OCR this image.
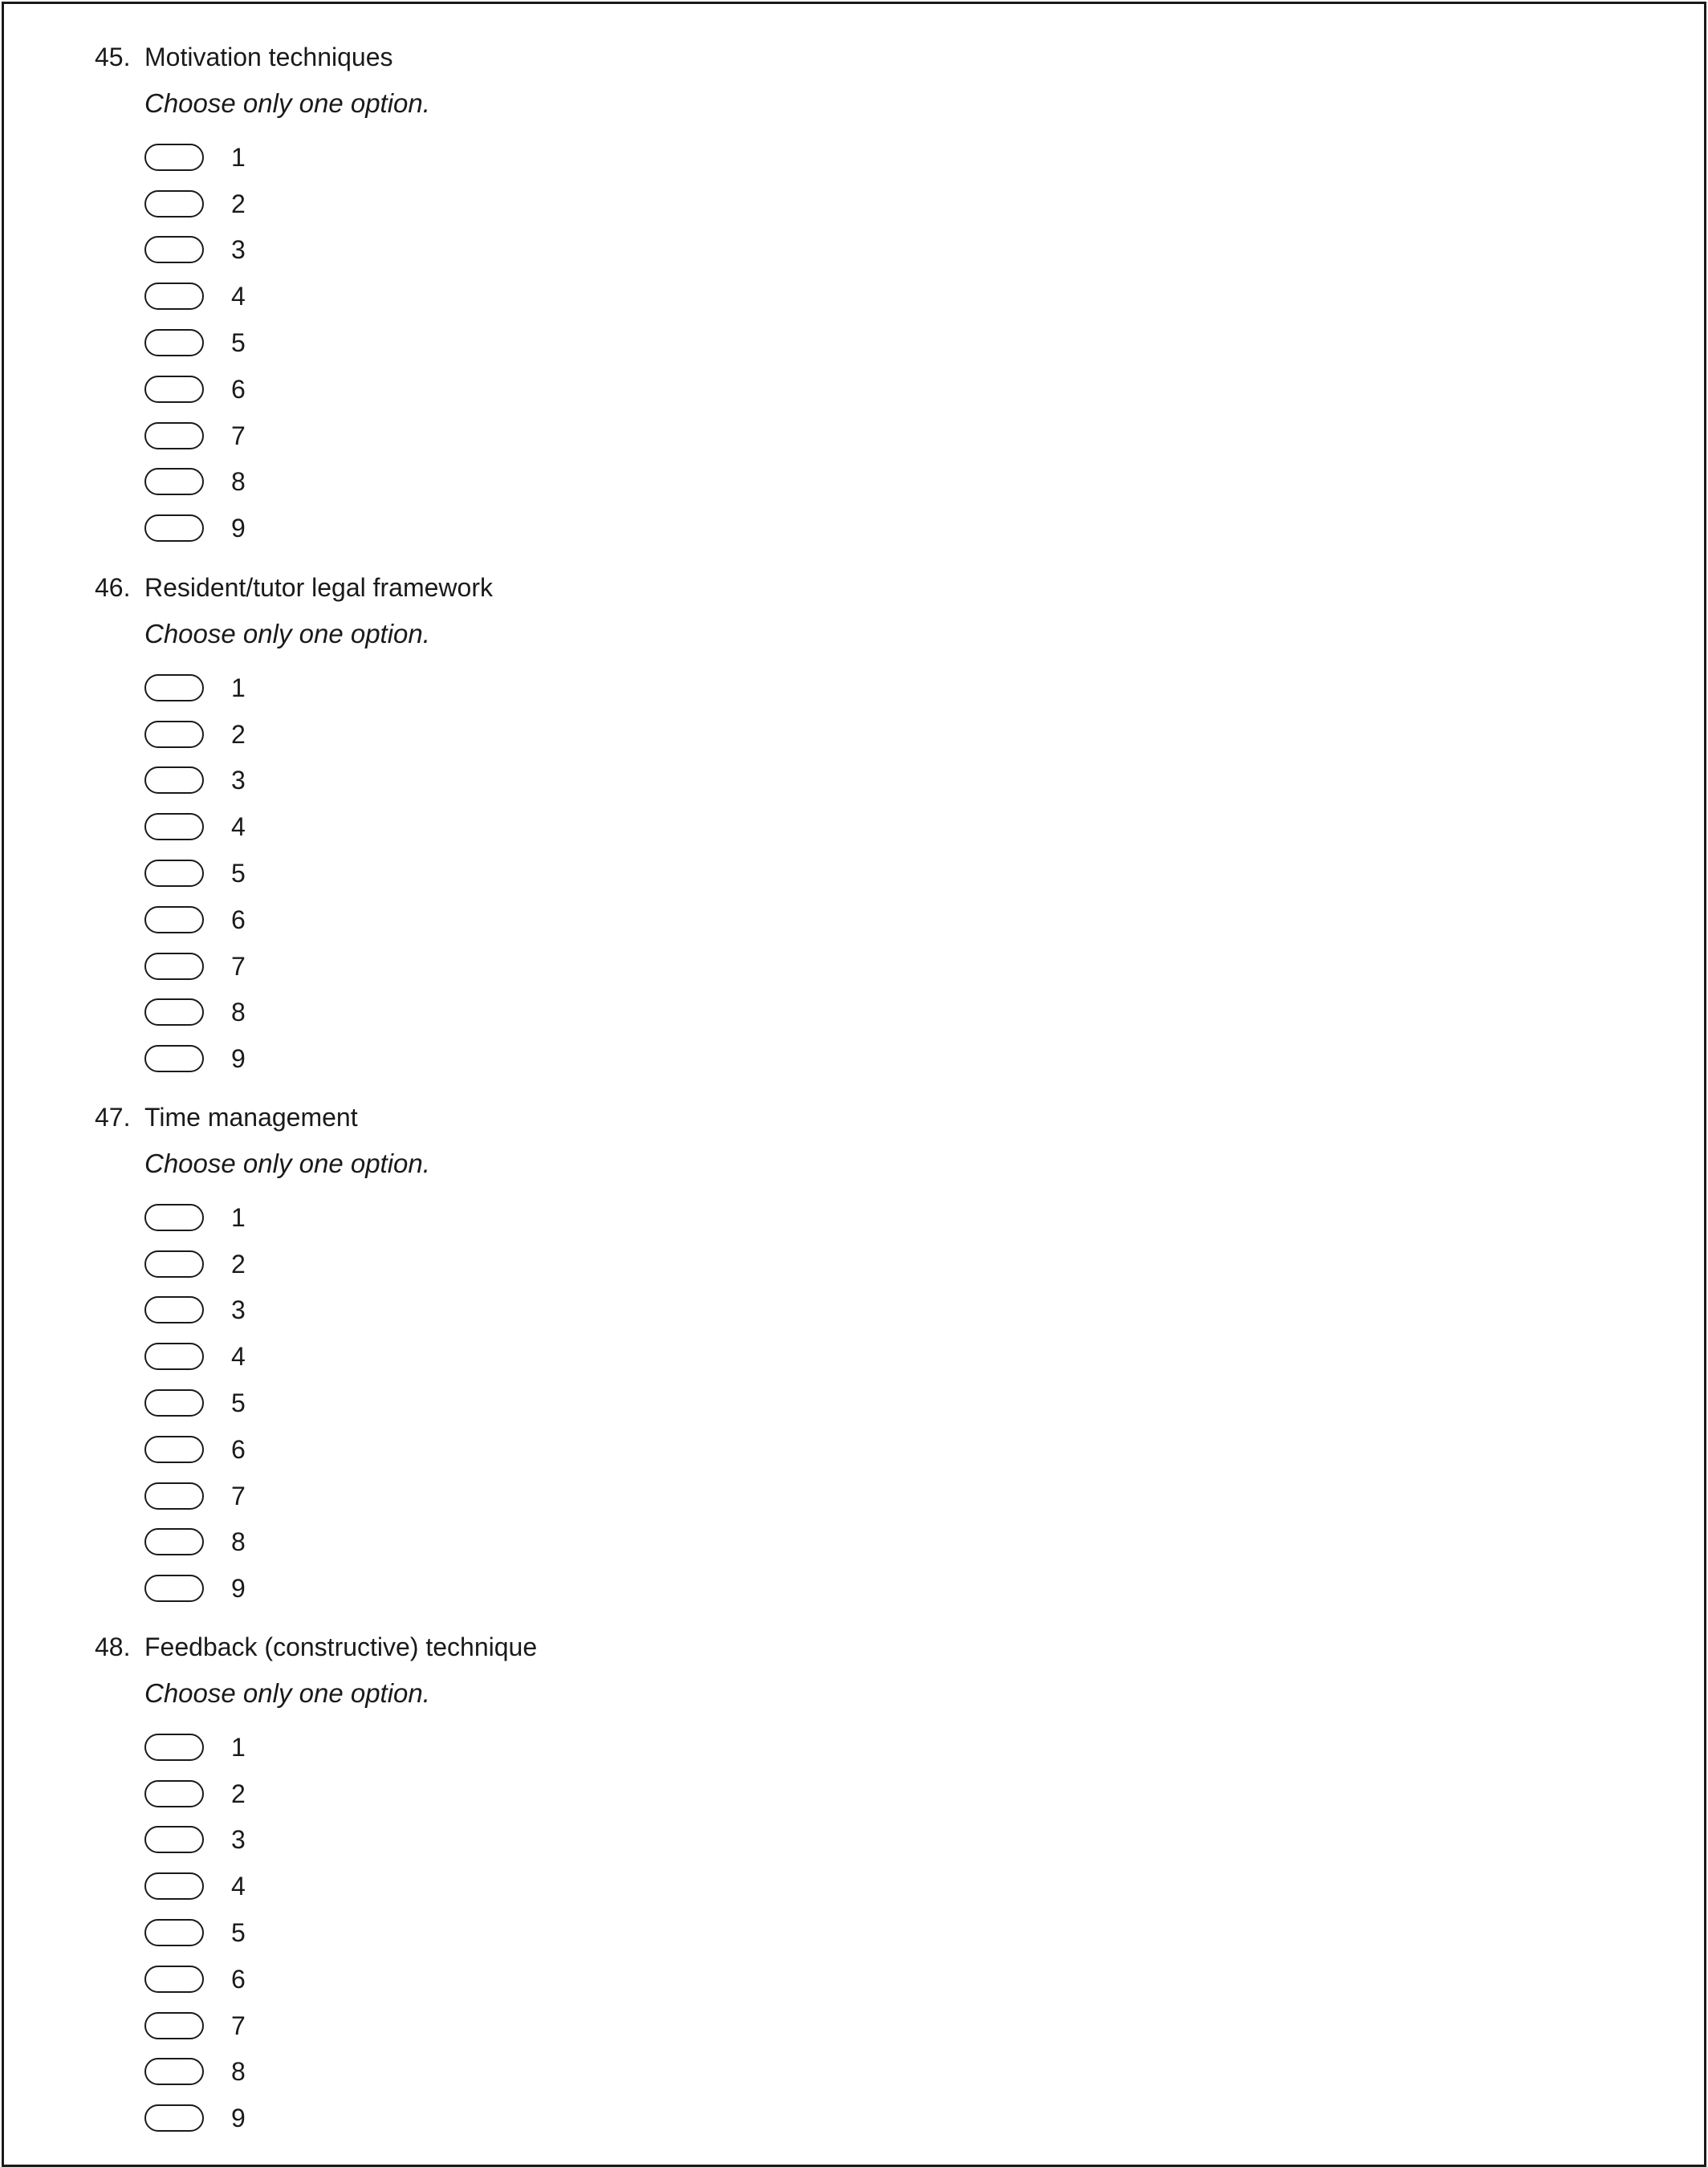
45. Motivation techniques
Choose only one option.
1
2
3
4
5
6
7
8
9
46. Resident/tutor legal framework
Choose only one option.
1
2
3
4
5
6
7
8
9
47. Time management
Choose only one option.
1
2
3
4
5
6
7
8
9
48. Feedback (constructive) technique
Choose only one option.
1
2
3
4
5
6
7
8
9
